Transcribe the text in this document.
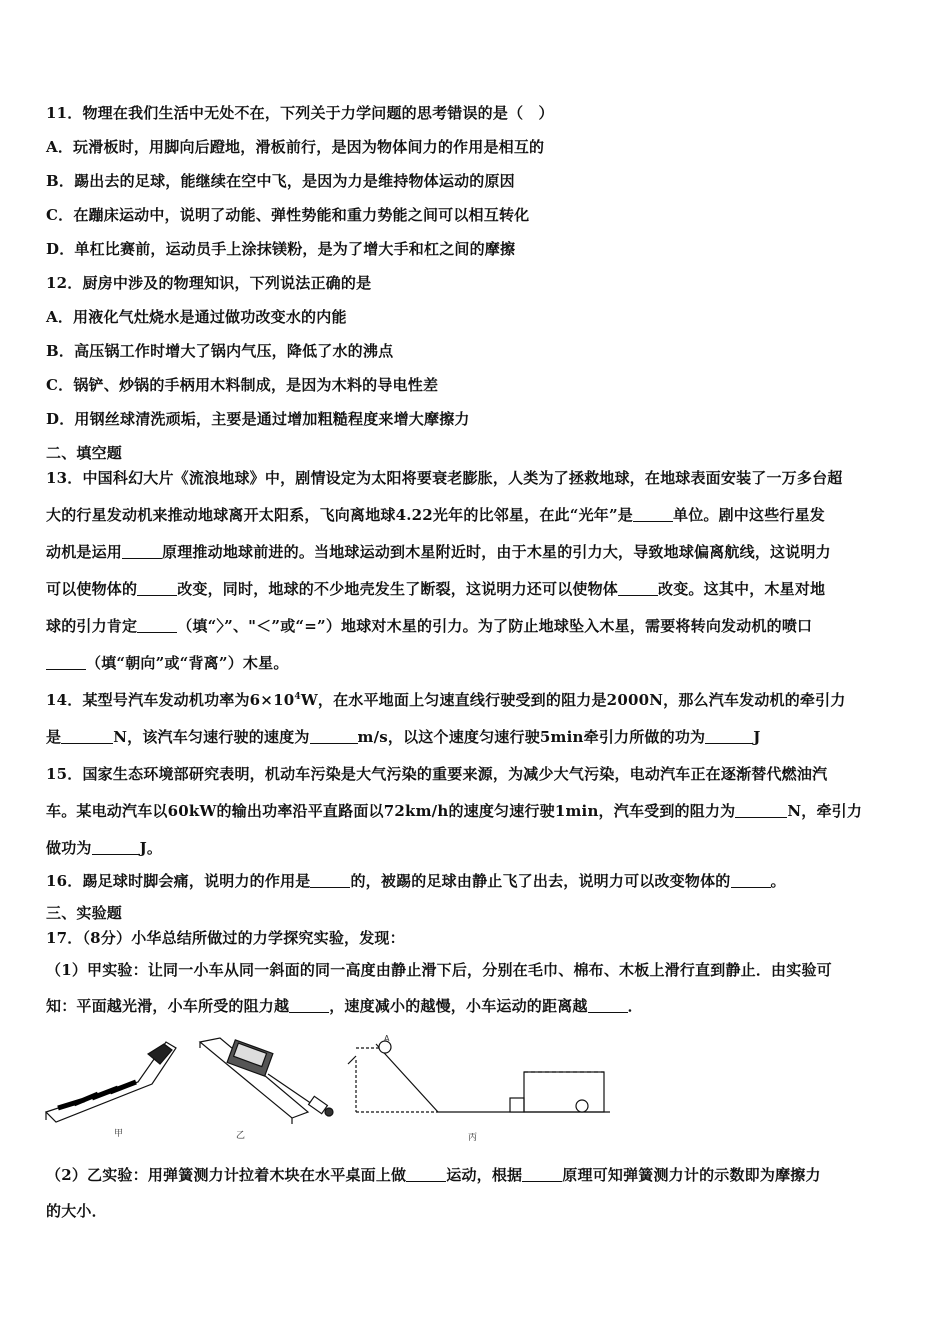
11．物理在我们生活中无处不在，下列关于力学问题的思考错误的是（　）
A．玩滑板时，用脚向后蹬地，滑板前行，是因为物体间力的作用是相互的
B．踢出去的足球，能继续在空中飞，是因为力是维持物体运动的原因
C．在蹦床运动中，说明了动能、弹性势能和重力势能之间可以相互转化
D．单杠比赛前，运动员手上涂抹镁粉，是为了增大手和杠之间的摩擦
12．厨房中涉及的物理知识，下列说法正确的是
A．用液化气灶烧水是通过做功改变水的内能
B．高压锅工作时增大了锅内气压，降低了水的沸点
C．锅铲、炒锅的手柄用木料制成，是因为木料的导电性差
D．用钢丝球清洗顽垢，主要是通过增加粗糙程度来增大摩擦力
二、填空题
13．中国科幻大片《流浪地球》中，剧情设定为太阳将要衰老膨胀，人类为了拯救地球，在地球表面安装了一万多台超
大的行星发动机来推动地球离开太阳系，飞向离地球4.22光年的比邻星，在此“光年”是	单位。剧中这些行星发
动机是运用	原理推动地球前进的。当地球运动到木星附近时，由于木星的引力大，导致地球偏离航线，这说明力
可以使物体的	改变，同时，地球的不少地壳发生了断裂，这说明力还可以使物体	改变。这其中，木星对地
球的引力肯定	（填“〉”、"＜”或“=”）地球对木星的引力。为了防止地球坠入木星，需要将转向发动机的喷口
（填“朝向”或“背离”）木星。
14．某型号汽车发动机功率为$6\times 10^4W$，在水平地面上匀速直线行驶受到的阻力是2000N，那么汽车发动机的牵引力
是	N，该汽车匀速行驶的速度为	m/s，以这个速度匀速行驶5min牵引力所做的功为	J
15．国家生态环境部研究表明，机动车污染是大气污染的重要来源，为减少大气污染，电动汽车正在逐渐替代燃油汽
车。某电动汽车以60kW的输出功率沿平直路面以72km/h的速度匀速行驶1min，汽车受到的阻力为	N，牵引力
做功为	J。
16．踢足球时脚会痛，说明力的作用是	的，被踢的足球由静止飞了出去，说明力可以改变物体的	。
三、实验题
17．（8分）小华总结所做过的力学探究实验，发现：
（1）甲实验：让同一小车从同一斜面的同一高度由静止滑下后，分别在毛巾、棉布、木板上滑行直到静止．由实验可
知：平面越光滑，小车所受的阻力越	，速度减小的越慢，小车运动的距离越	．
A
甲	乙	丙
（2）乙实验：用弹簧测力计拉着木块在水平桌面上做	运动，根据	原理可知弹簧测力计的示数即为摩擦力
的大小．
